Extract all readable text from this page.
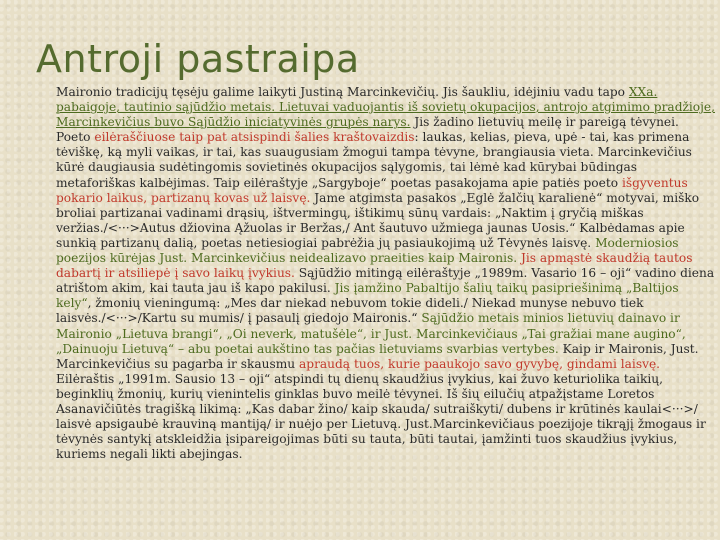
Antroji pastraipa

Maironio tradicijų tęsėju galime laikyti Justiną Marcinkevičių. Jis šaukliu, idėjiniu vadu tapo XXa. pabaigoje, tautinio sąjūdžio metais. Lietuvai vaduojantis iš sovietų okupacijos, antrojo atgimimo pradžioje, Marcinkevičius buvo Sąjūdžio iniciatyvinės grupės narys. Jis žadino lietuvių meilę ir pareigą tėvynei. Poeto eilėraščiuose taip pat atsispindi šalies kraštovaizdis: laukas, kelias, pieva, upė - tai, kas primena tėviškę, ką myli vaikas, ir tai, kas suaugusiam žmogui tampa tėvyne, brangiausia vieta. Marcinkevičius kūrė daugiausia sudėtingomis sovietinės okupacijos sąlygomis, tai lėmė kad kūrybai būdingas metaforiškas kalbėjimas. Taip eilėraštyje „Sargyboje“ poetas pasakojama apie patiės poeto išgyventus pokario laikus, partizanų kovas už laisvę. Jame atgimsta pasakos „Eglė žalčių karalienė“ motyvai, miško broliai partizanai vadinami drąsių, ištvermingų, ištikimų sūnų vardais: „Naktim į gryčią miškas veržias./<···>Autus džiovina Ąžuolas ir Beržas,/ Ant šautuvo užmiega jaunas Uosis.“ Kalbėdamas apie sunkią partizanų dalią, poetas netiesiogiai pabrėžia jų pasiaukojimą už Tėvynės laisvę. Moderniosios poezijos kūrėjas Just. Marcinkevičius neidealizavo praeities kaip Maironis. Jis apmąstė skaudžią tautos dabartį ir atsiliepė į savo laikų įvykius. Sąjūdžio mitingą eilėraštyje „1989m. Vasario 16 – oji“ vadino diena atrištom akim, kai tauta jau iš kapo pakilusi. Jis įamžino Pabaltijo šalių taikų pasipriešinimą „Baltijos kely“, žmonių vieningumą: „Mes dar niekad nebuvom tokie dideli./ Niekad munyse nebuvo tiek laisvės./<···>/Kartu su mumis/ į pasaulį giedojo Maironis.“ Sąjūdžio metais minios lietuvių dainavo ir Maironio „Lietuva brangi“, „Oi neverk, matušėle“, ir Just. Marcinkevičiaus „Tai gražiai mane augino“, „Dainuoju Lietuvą“ – abu poetai aukštino tas pačias lietuviams svarbias vertybes. Kaip ir Maironis, Just. Marcinkevičius su pagarba ir skausmu apraudą tuos, kurie paaukojo savo gyvybę, gindami laisvę. Eilėraštis „1991m. Sausio 13 – oji“ atspindi tų dienų skaudžius įvykius, kai žuvo keturiolika taikių, beginklių žmonių, kurių vienintelis ginklas buvo meilė tėvynei. Iš šių eilučių atpažįstame Loretos Asanavičiūtės tragišką likimą: „Kas dabar žino/ kaip skauda/ sutraiškyti/ dubens ir krūtinės kaulai<···>/ laisvė apsigaubė krauviną mantiją/ ir nuėjo per Lietuvą. Just.Marcinkevičiaus poezijoje tikrąjį žmogaus ir tėvynės santykį atskleidžia įsipareigojimas būti su tauta, būti tautai, įamžinti tuos skaudžius įvykius, kuriems negali likti abejingas.
